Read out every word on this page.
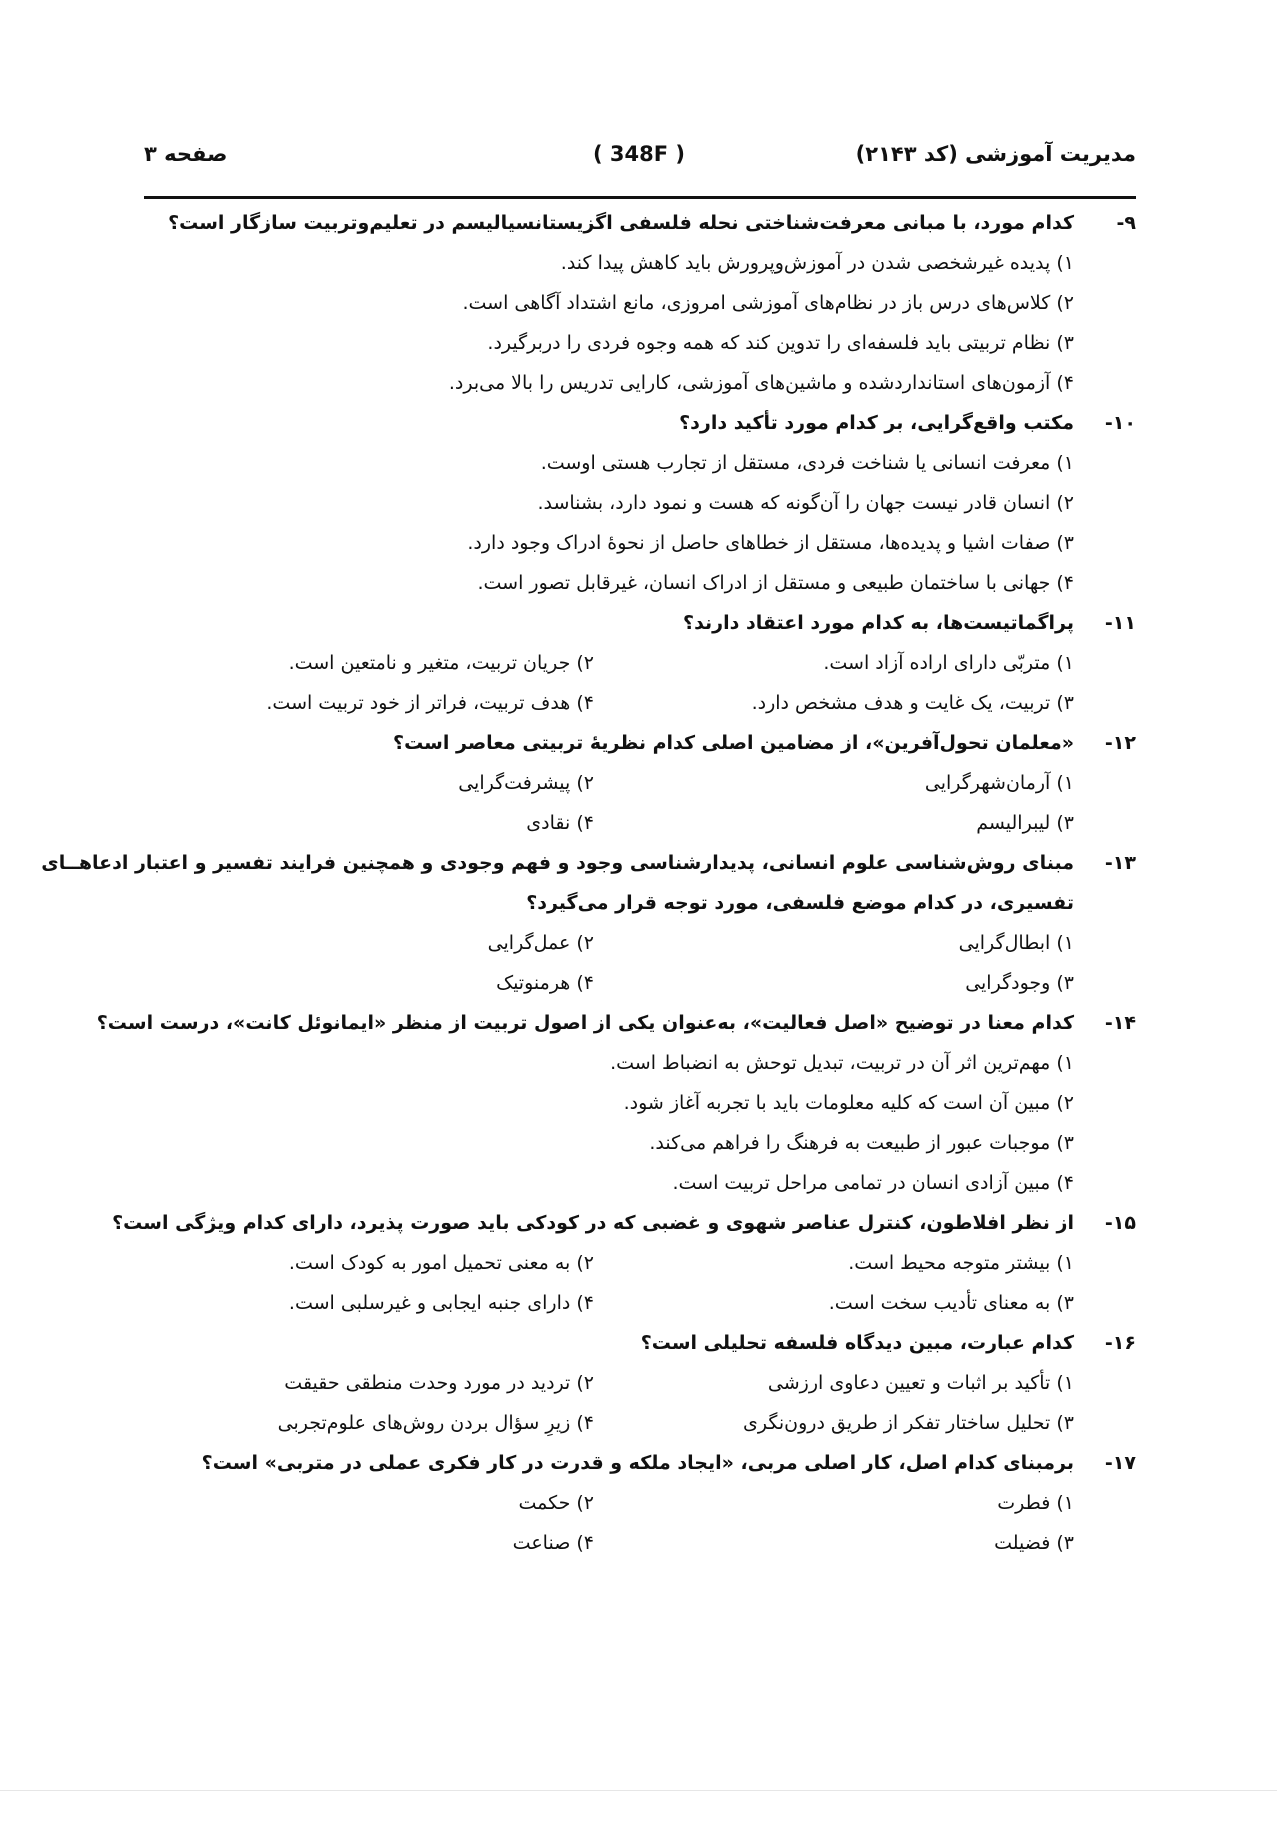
مدیریت آموزشی (کد ۲۱۴۳)
( 348F )
صفحه ۳
۹-
کدام مورد، با مبانی معرفت‌شناختی نحله فلسفی اگزیستانسیالیسم در تعلیم‌وتربیت سازگار است؟
۱) پدیده غیرشخصی شدن در آموزش‌وپرورش باید کاهش پیدا کند.
۲) کلاس‌های درس باز در نظام‌های آموزشی امروزی، مانع اشتداد آگاهی است.
۳) نظام تربیتی باید فلسفه‌ای را تدوین کند که همه وجوه فردی را دربرگیرد.
۴) آزمون‌های استانداردشده و ماشین‌های آموزشی، کارایی تدریس را بالا می‌برد.
۱۰-
مکتب واقع‌گرایی، بر کدام مورد تأکید دارد؟
۱) معرفت انسانی یا شناخت فردی، مستقل از تجارب هستی اوست.
۲) انسان قادر نیست جهان را آن‌گونه که هست و نمود دارد، بشناسد.
۳) صفات اشیا و پدیده‌ها، مستقل از خطاهای حاصل از نحوهٔ ادراک وجود دارد.
۴) جهانی با ساختمان طبیعی و مستقل از ادراک انسان، غیرقابل تصور است.
۱۱-
پراگماتیست‌ها، به کدام مورد اعتقاد دارند؟
۱) متربّی دارای اراده آزاد است.
۲) جریان تربیت، متغیر و نامتعین است.
۳) تربیت، یک غایت و هدف مشخص دارد.
۴) هدف تربیت، فراتر از خود تربیت است.
۱۲-
«معلمان تحول‌آفرین»، از مضامین اصلی کدام نظریهٔ تربیتی معاصر است؟
۱) آرمان‌شهرگرایی
۲) پیشرفت‌گرایی
۳) لیبرالیسم
۴) نقادی
۱۳-
مبنای روش‌شناسی علوم انسانی، پدیدارشناسی وجود و فهم وجودی و همچنین فرایند تفسیر و اعتبار ادعاهــای
تفسیری، در کدام موضع فلسفی، مورد توجه قرار می‌گیرد؟
۱) ابطال‌گرایی
۲) عمل‌گرایی
۳) وجودگرایی
۴) هرمنوتیک
۱۴-
کدام معنا در توضیح «اصل فعالیت»، به‌عنوان یکی از اصول تربیت از منظر «ایمانوئل کانت»، درست است؟
۱) مهم‌ترین اثر آن در تربیت، تبدیل توحش به انضباط است.
۲) مبین آن است که کلیه معلومات باید با تجربه آغاز شود.
۳) موجبات عبور از طبیعت به فرهنگ را فراهم می‌کند.
۴) مبین آزادی انسان در تمامی مراحل تربیت است.
۱۵-
از نظر افلاطون، کنترل عناصر شهوی و غضبی که در کودکی باید صورت پذیرد، دارای کدام ویژگی است؟
۱) بیشتر متوجه محیط است.
۲) به معنی تحمیل امور به کودک است.
۳) به معنای تأدیب سخت است.
۴) دارای جنبه ایجابی و غیرسلبی است.
۱۶-
کدام عبارت، مبین دیدگاه فلسفه تحلیلی است؟
۱) تأکید بر اثبات و تعیین دعاوی ارزشی
۲) تردید در مورد وحدت منطقی حقیقت
۳) تحلیل ساختار تفکر از طریق درون‌نگری
۴) زیرِ سؤال بردن روش‌های علوم‌تجربی
۱۷-
برمبنای کدام اصل، کار اصلی مربی، «ایجاد ملکه و قدرت در کار فکری عملی در متربی» است؟
۱) فطرت
۲) حکمت
۳) فضیلت
۴) صناعت
